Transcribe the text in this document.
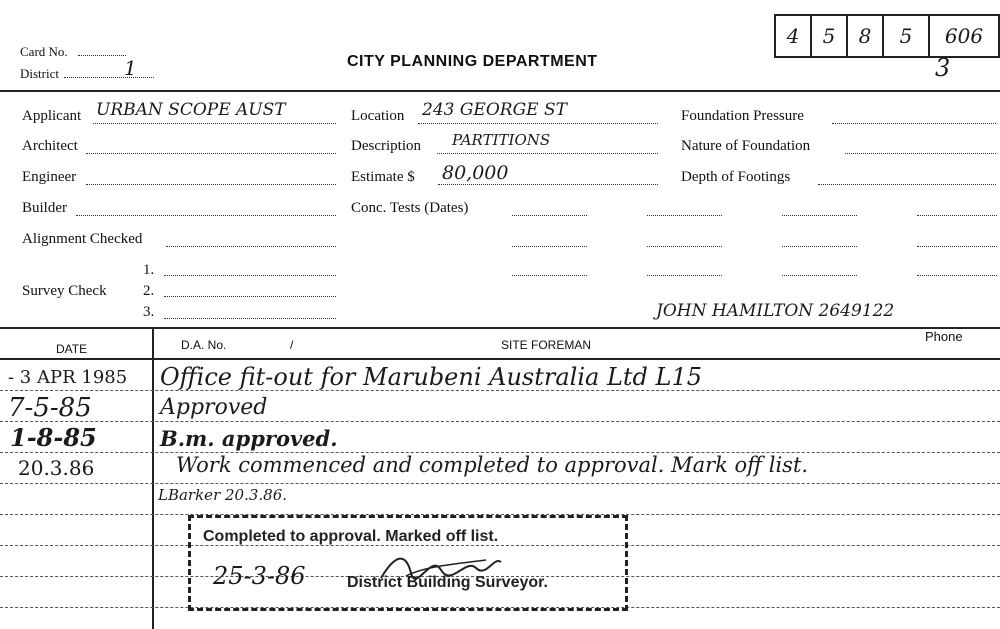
Card No.
District	1	CITY PLANNING DEPARTMENT
4 5 8 5 606
3
Applicant URBAN SCOPE AUST
Architect
Engineer
Builder
Alignment Checked
1.
Survey Check 2.
3.
Location 243 GEORGE ST
Description PARTITIONS
Estimate $ 80,000
Conc. Tests (Dates)
Foundation Pressure
Nature of Foundation
Depth of Footings
JOHN HAMILTON 2649122
Phone
DATE	D.A. No.	/	SITE FOREMAN
- 3 APR 1985 Office fit-out for Marubeni Australia Ltd L15
7-5-85	Approved
1-8-85	B.m. approved.
20.3.86	Work commenced and completed to approval. Mark off list.
LBarker 20.3.86.
Completed to approval. Marked off list.
25-3-86	District Building Surveyor.
